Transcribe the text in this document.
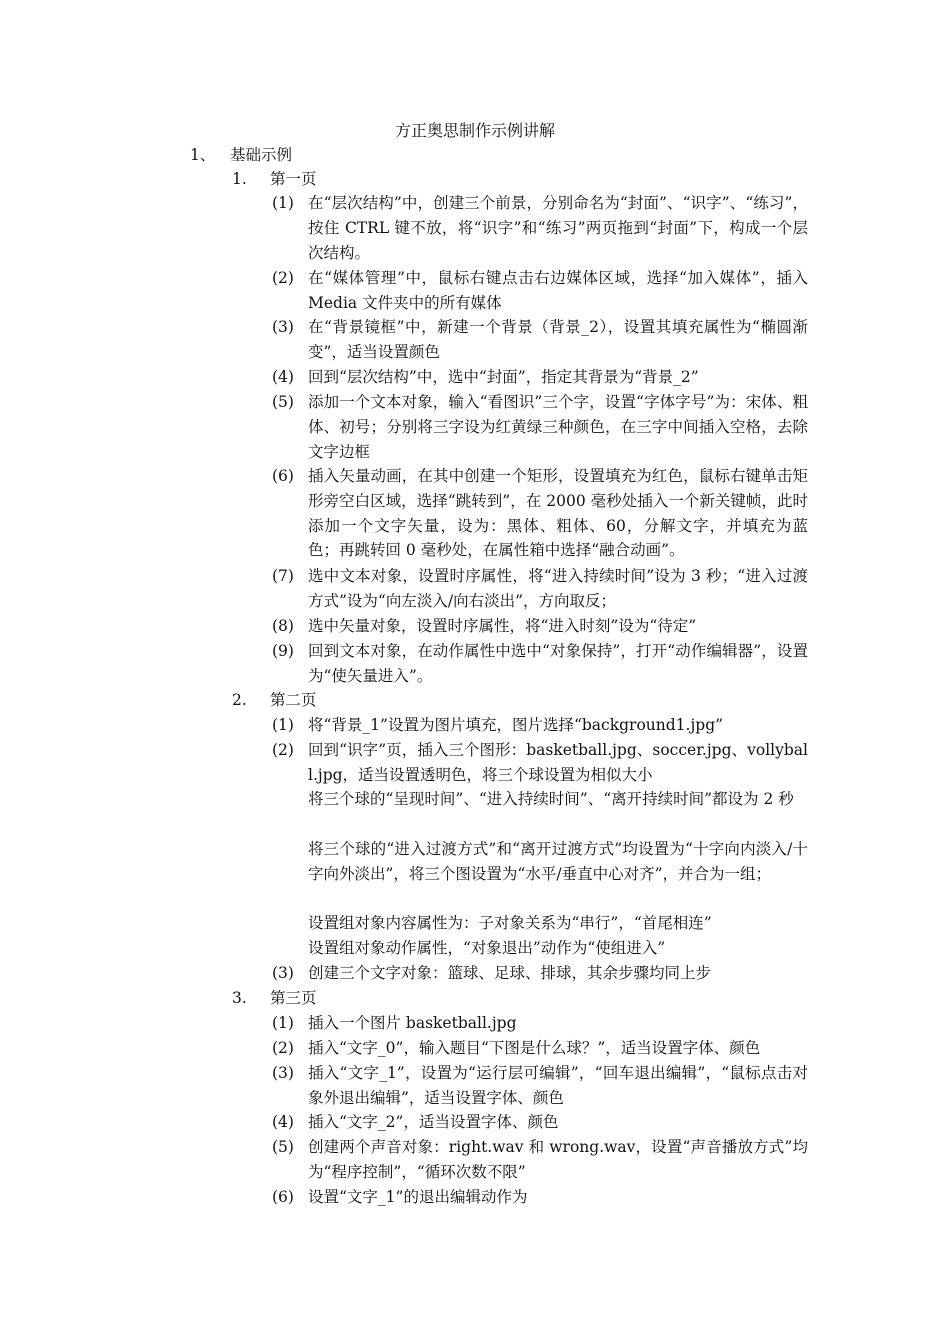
方正奥思制作示例讲解
1、 基础示例
1.	第一页
(1) 在“层次结构”中，创建三个前景，分别命名为“封面”、“识字”、“练习”，按住 CTRL 键不放，将“识字”和“练习”两页拖到“封面”下，构成一个层次结构。
(2) 在“媒体管理”中，鼠标右键点击右边媒体区域，选择“加入媒体”，插入 Media 文件夹中的所有媒体
(3) 在“背景镜框”中，新建一个背景（背景_2），设置其填充属性为“椭圆渐变”，适当设置颜色
(4) 回到“层次结构”中，选中“封面”，指定其背景为“背景_2”
(5) 添加一个文本对象，输入“看图识”三个字，设置“字体字号”为：宋体、粗体、初号；分别将三字设为红黄绿三种颜色，在三字中间插入空格，去除文字边框
(6) 插入矢量动画，在其中创建一个矩形，设置填充为红色，鼠标右键单击矩形旁空白区域，选择“跳转到”，在 2000 毫秒处插入一个新关键帧，此时添加一个文字矢量，设为：黑体、粗体、60，分解文字，并填充为蓝色；再跳转回 0 毫秒处，在属性箱中选择“融合动画”。
(7) 选中文本对象，设置时序属性，将“进入持续时间”设为 3 秒；“进入过渡方式”设为“向左淡入/向右淡出”，方向取反；
(8) 选中矢量对象，设置时序属性，将“进入时刻”设为“待定”
(9) 回到文本对象，在动作属性中选中“对象保持”，打开“动作编辑器”，设置为“使矢量进入”。
2.	第二页
(1) 将“背景_1”设置为图片填充，图片选择“background1.jpg”
(2) 回到“识字”页，插入三个图形：basketball.jpg、soccer.jpg、vollyball.jpg，适当设置透明色，将三个球设置为相似大小
将三个球的“呈现时间”、“进入持续时间”、“离开持续时间”都设为 2 秒
将三个球的“进入过渡方式”和“离开过渡方式”均设置为“十字向内淡入/十字向外淡出”，将三个图设置为“水平/垂直中心对齐”，并合为一组；
设置组对象内容属性为：子对象关系为“串行”，“首尾相连”
设置组对象动作属性，“对象退出”动作为“使组进入”
(3) 创建三个文字对象：篮球、足球、排球，其余步骤均同上步
3.	第三页
(1) 插入一个图片 basketball.jpg
(2) 插入“文字_0”，输入题目“下图是什么球？”，适当设置字体、颜色
(3) 插入“文字_1”，设置为“运行层可编辑”，“回车退出编辑”，“鼠标点击对象外退出编辑”，适当设置字体、颜色
(4) 插入“文字_2”，适当设置字体、颜色
(5) 创建两个声音对象：right.wav 和 wrong.wav，设置“声音播放方式”均为“程序控制”，“循环次数不限”
(6) 设置“文字_1”的退出编辑动作为
